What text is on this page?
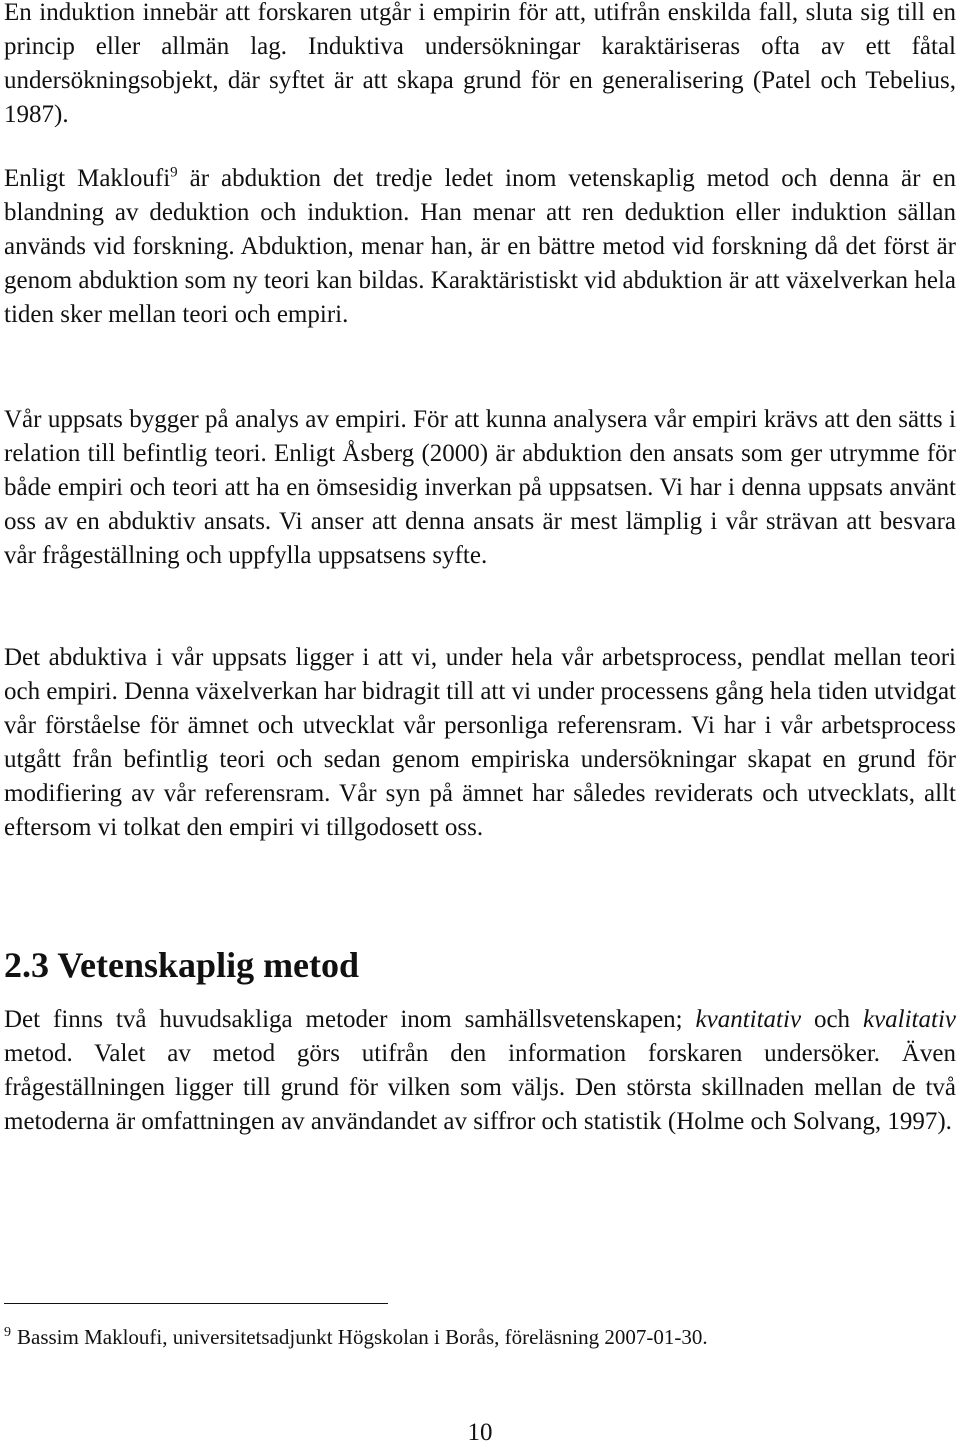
En induktion innebär att forskaren utgår i empirin för att, utifrån enskilda fall, sluta sig till en princip eller allmän lag. Induktiva undersökningar karaktäriseras ofta av ett fåtal undersökningsobjekt, där syftet är att skapa grund för en generalisering (Patel och Tebelius, 1987).

Enligt Makloufi$^9$ är abduktion det tredje ledet inom vetenskaplig metod och denna är en blandning av deduktion och induktion. Han menar att ren deduktion eller induktion sällan används vid forskning. Abduktion, menar han, är en bättre metod vid forskning då det först är genom abduktion som ny teori kan bildas. Karaktäristiskt vid abduktion är att växelverkan hela tiden sker mellan teori och empiri.

Vår uppsats bygger på analys av empiri. För att kunna analysera vår empiri krävs att den sätts i relation till befintlig teori. Enligt Åsberg (2000) är abduktion den ansats som ger utrymme för både empiri och teori att ha en ömsesidig inverkan på uppsatsen. Vi har i denna uppsats använt oss av en abduktiv ansats. Vi anser att denna ansats är mest lämplig i vår strävan att besvara vår frågeställning och uppfylla uppsatsens syfte.

Det abduktiva i vår uppsats ligger i att vi, under hela vår arbetsprocess, pendlat mellan teori och empiri. Denna växelverkan har bidragit till att vi under processens gång hela tiden utvidgat vår förståelse för ämnet och utvecklat vår personliga referensram. Vi har i vår arbetsprocess utgått från befintlig teori och sedan genom empiriska undersökningar skapat en grund för modifiering av vår referensram. Vår syn på ämnet har således reviderats och utvecklats, allt eftersom vi tolkat den empiri vi tillgodosett oss.

2.3 Vetenskaplig metod

Det finns två huvudsakliga metoder inom samhällsvetenskapen; kvantitativ och kvalitativ metod. Valet av metod görs utifrån den information forskaren undersöker. Även frågeställningen ligger till grund för vilken som väljs. Den största skillnaden mellan de två metoderna är omfattningen av användandet av siffror och statistik (Holme och Solvang, 1997).

$^9$ Bassim Makloufi, universitetsadjunkt Högskolan i Borås, föreläsning 2007-01-30.

10
